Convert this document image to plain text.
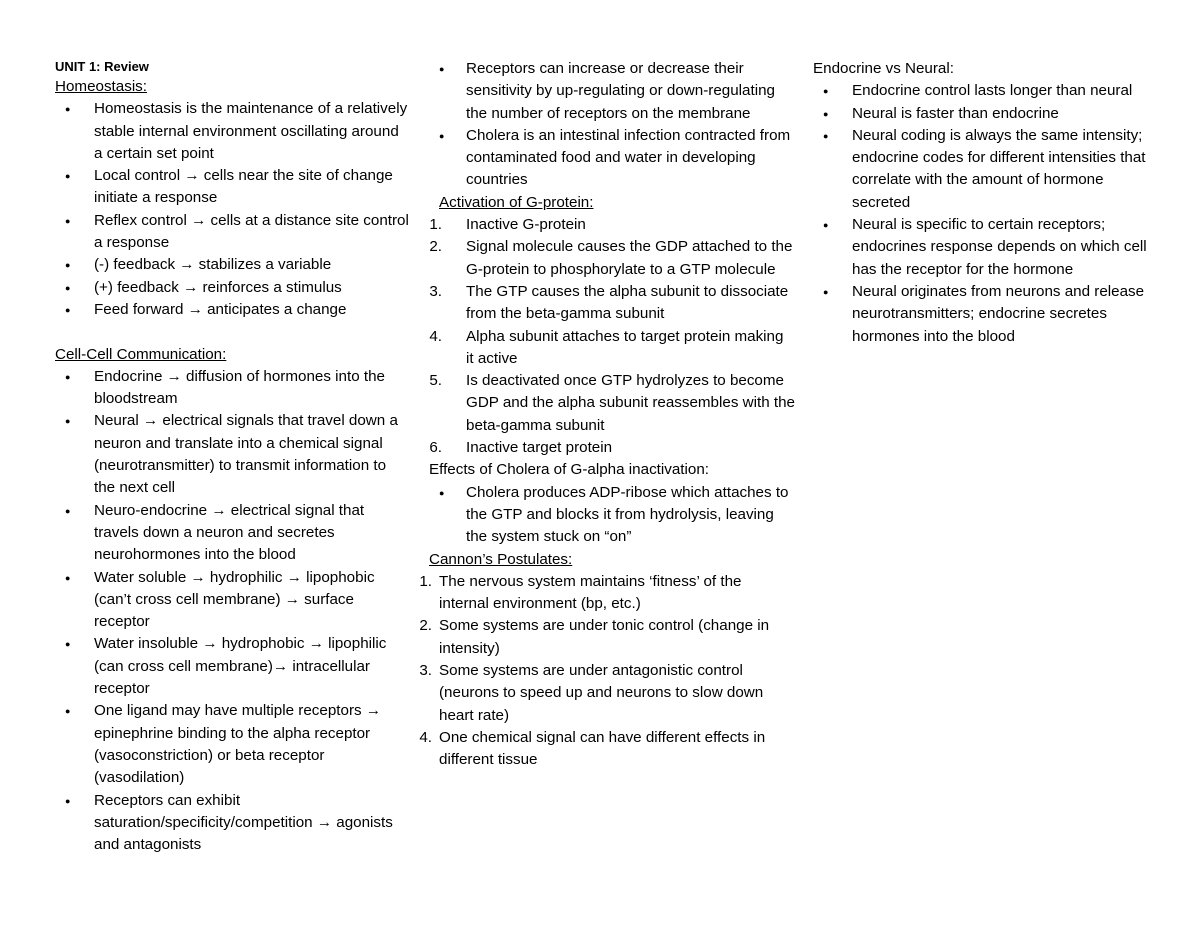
UNIT 1: Review
Homeostasis:
● Homeostasis is the maintenance of a relatively stable internal environment oscillating around a certain set point
● Local control → cells near the site of change initiate a response
● Reflex control → cells at a distance site control a response
● (-) feedback → stabilizes a variable
● (+) feedback → reinforces a stimulus
● Feed forward → anticipates a change
Cell-Cell Communication:
● Endocrine → diffusion of hormones into the bloodstream
● Neural → electrical signals that travel down a neuron and translate into a chemical signal (neurotransmitter) to transmit information to the next cell
● Neuro-endocrine → electrical signal that travels down a neuron and secretes neurohormones into the blood
● Water soluble → hydrophilic → lipophobic (can’t cross cell membrane) → surface receptor
● Water insoluble → hydrophobic → lipophilic (can cross cell membrane)→ intracellular receptor
● One ligand may have multiple receptors → epinephrine binding to the alpha receptor (vasoconstriction) or beta receptor (vasodilation)
● Receptors can exhibit saturation/specificity/competition → agonists and antagonists
● Receptors can increase or decrease their sensitivity by up-regulating or down-regulating the number of receptors on the membrane
● Cholera is an intestinal infection contracted from contaminated food and water in developing countries
Activation of G-protein:
1. Inactive G-protein
2. Signal molecule causes the GDP attached to the G-protein to phosphorylate to a GTP molecule
3. The GTP causes the alpha subunit to dissociate from the beta-gamma subunit
4. Alpha subunit attaches to target protein making it active
5. Is deactivated once GTP hydrolyzes to become GDP and the alpha subunit reassembles with the beta-gamma subunit
6. Inactive target protein
Effects of Cholera of G-alpha inactivation:
● Cholera produces ADP-ribose which attaches to the GTP and blocks it from hydrolysis, leaving the system stuck on “on”
Cannon’s Postulates:
1. The nervous system maintains ‘fitness’ of the internal environment (bp, etc.)
2. Some systems are under tonic control (change in intensity)
3. Some systems are under antagonistic control (neurons to speed up and neurons to slow down heart rate)
4. One chemical signal can have different effects in different tissue
Endocrine vs Neural:
● Endocrine control lasts longer than neural
● Neural is faster than endocrine
● Neural coding is always the same intensity; endocrine codes for different intensities that correlate with the amount of hormone secreted
● Neural is specific to certain receptors; endocrines response depends on which cell has the receptor for the hormone
● Neural originates from neurons and release neurotransmitters; endocrine secretes hormones into the blood
